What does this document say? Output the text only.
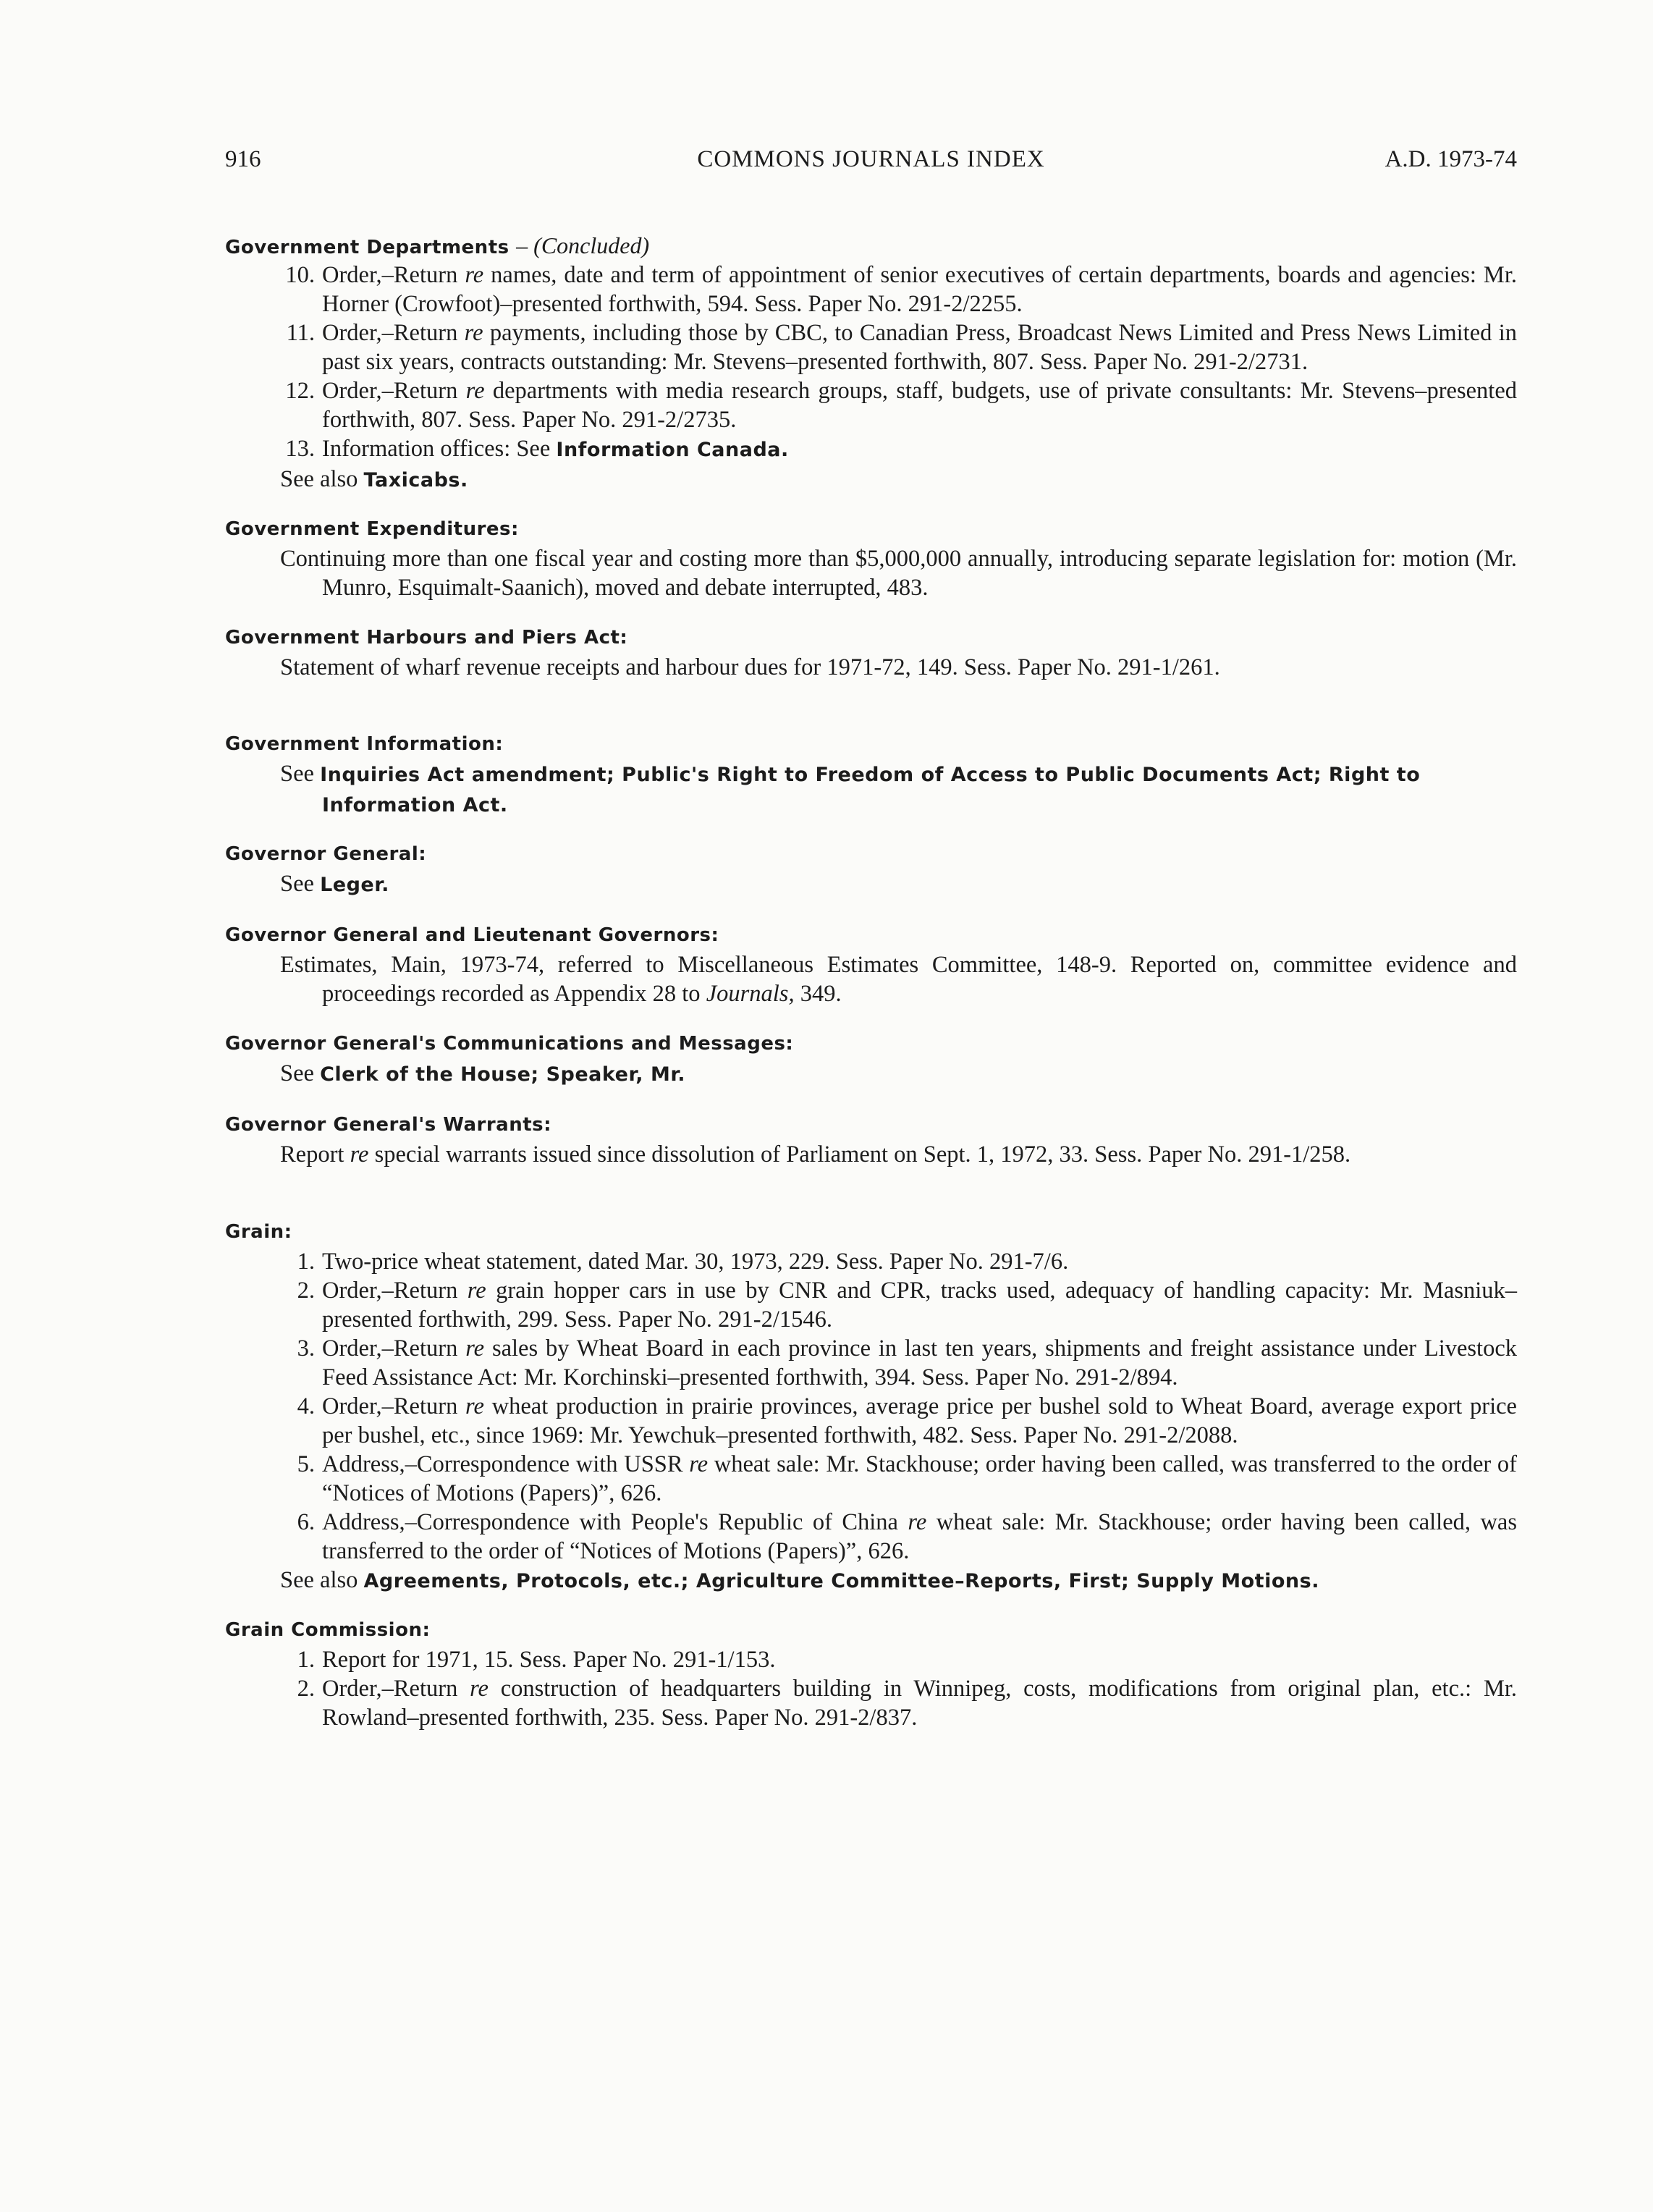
916	COMMONS JOURNALS INDEX	A.D. 1973-74
Government Departments – (Concluded)
10. Order,–Return re names, date and term of appointment of senior executives of certain departments, boards and agencies: Mr. Horner (Crowfoot)–presented forthwith, 594. Sess. Paper No. 291-2/2255.
11. Order,–Return re payments, including those by CBC, to Canadian Press, Broadcast News Limited and Press News Limited in past six years, contracts outstanding: Mr. Stevens–presented forthwith, 807. Sess. Paper No. 291-2/2731.
12. Order,–Return re departments with media research groups, staff, budgets, use of private consultants: Mr. Stevens–presented forthwith, 807. Sess. Paper No. 291-2/2735.
13. Information offices: See Information Canada.
See also Taxicabs.
Government Expenditures:
Continuing more than one fiscal year and costing more than $5,000,000 annually, introducing separate legislation for: motion (Mr. Munro, Esquimalt-Saanich), moved and debate interrupted, 483.
Government Harbours and Piers Act:
Statement of wharf revenue receipts and harbour dues for 1971-72, 149. Sess. Paper No. 291-1/261.
Government Information:
See Inquiries Act amendment; Public's Right to Freedom of Access to Public Documents Act; Right to Information Act.
Governor General:
See Leger.
Governor General and Lieutenant Governors:
Estimates, Main, 1973-74, referred to Miscellaneous Estimates Committee, 148-9. Reported on, committee evidence and proceedings recorded as Appendix 28 to Journals, 349.
Governor General's Communications and Messages:
See Clerk of the House; Speaker, Mr.
Governor General's Warrants:
Report re special warrants issued since dissolution of Parliament on Sept. 1, 1972, 33. Sess. Paper No. 291-1/258.
Grain:
1. Two-price wheat statement, dated Mar. 30, 1973, 229. Sess. Paper No. 291-7/6.
2. Order,–Return re grain hopper cars in use by CNR and CPR, tracks used, adequacy of handling capacity: Mr. Masniuk–presented forthwith, 299. Sess. Paper No. 291-2/1546.
3. Order,–Return re sales by Wheat Board in each province in last ten years, shipments and freight assistance under Livestock Feed Assistance Act: Mr. Korchinski–presented forthwith, 394. Sess. Paper No. 291-2/894.
4. Order,–Return re wheat production in prairie provinces, average price per bushel sold to Wheat Board, average export price per bushel, etc., since 1969: Mr. Yewchuk–presented forthwith, 482. Sess. Paper No. 291-2/2088.
5. Address,–Correspondence with USSR re wheat sale: Mr. Stackhouse; order having been called, was transferred to the order of “Notices of Motions (Papers)”, 626.
6. Address,–Correspondence with People's Republic of China re wheat sale: Mr. Stackhouse; order having been called, was transferred to the order of “Notices of Motions (Papers)”, 626.
See also Agreements, Protocols, etc.; Agriculture Committee–Reports, First; Supply Motions.
Grain Commission:
1. Report for 1971, 15. Sess. Paper No. 291-1/153.
2. Order,–Return re construction of headquarters building in Winnipeg, costs, modifications from original plan, etc.: Mr. Rowland–presented forthwith, 235. Sess. Paper No. 291-2/837.
